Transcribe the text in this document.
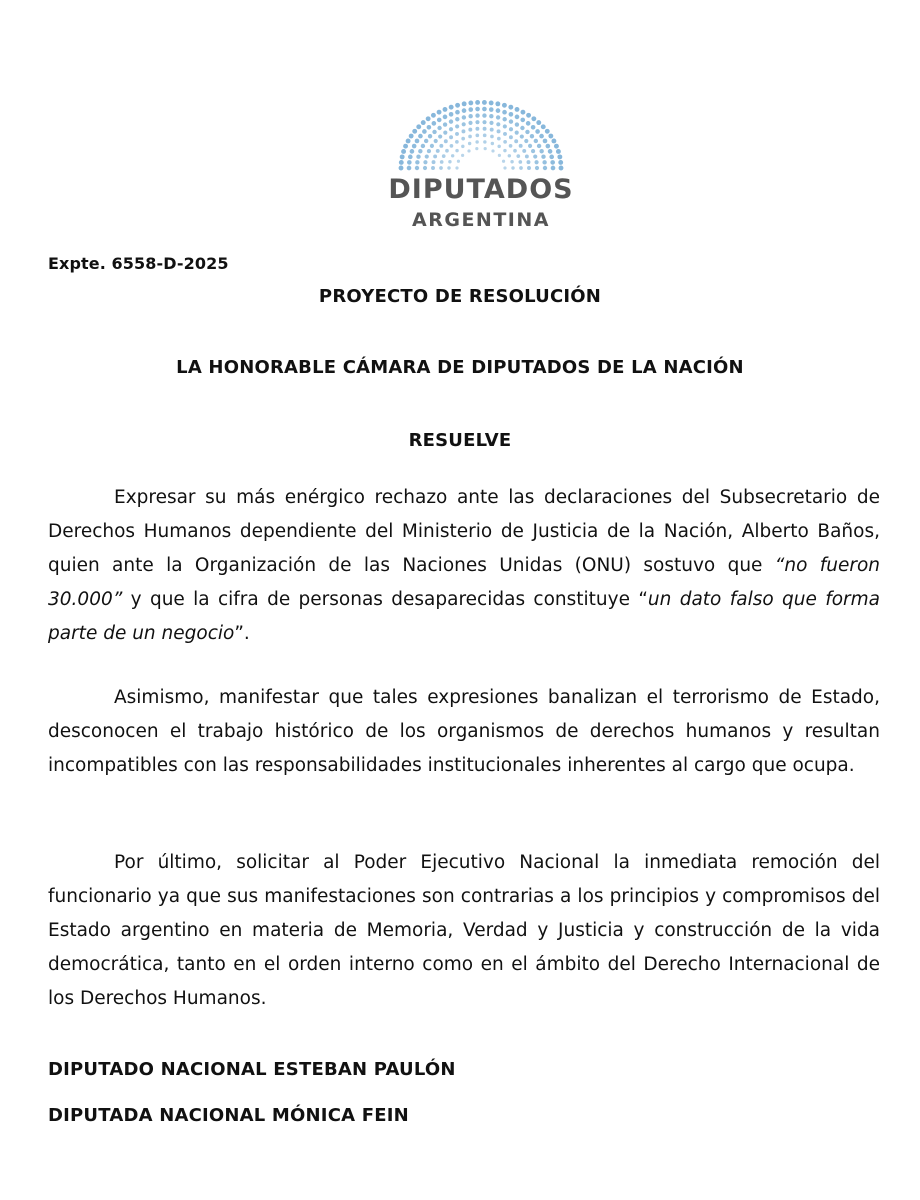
DIPUTADOS
ARGENTINA
Expte. 6558-D-2025
PROYECTO DE RESOLUCIÓN
LA HONORABLE CÁMARA DE DIPUTADOS DE LA NACIÓN
RESUELVE
Expresar su más enérgico rechazo ante las declaraciones del Subsecretario de Derechos Humanos dependiente del Ministerio de Justicia de la Nación, Alberto Baños, quien ante la Organización de las Naciones Unidas (ONU) sostuvo que “no fueron 30.000” y que la cifra de personas desaparecidas constituye “un dato falso que forma parte de un negocio”.
Asimismo, manifestar que tales expresiones banalizan el terrorismo de Estado, desconocen el trabajo histórico de los organismos de derechos humanos y resultan incompatibles con las responsabilidades institucionales inherentes al cargo que ocupa.
Por último, solicitar al Poder Ejecutivo Nacional la inmediata remoción del funcionario ya que sus manifestaciones son contrarias a los principios y compromisos del Estado argentino en materia de Memoria, Verdad y Justicia y construcción de la vida democrática, tanto en el orden interno como en el ámbito del Derecho Internacional de los Derechos Humanos.
DIPUTADO NACIONAL ESTEBAN PAULÓN
DIPUTADA NACIONAL MÓNICA FEIN
